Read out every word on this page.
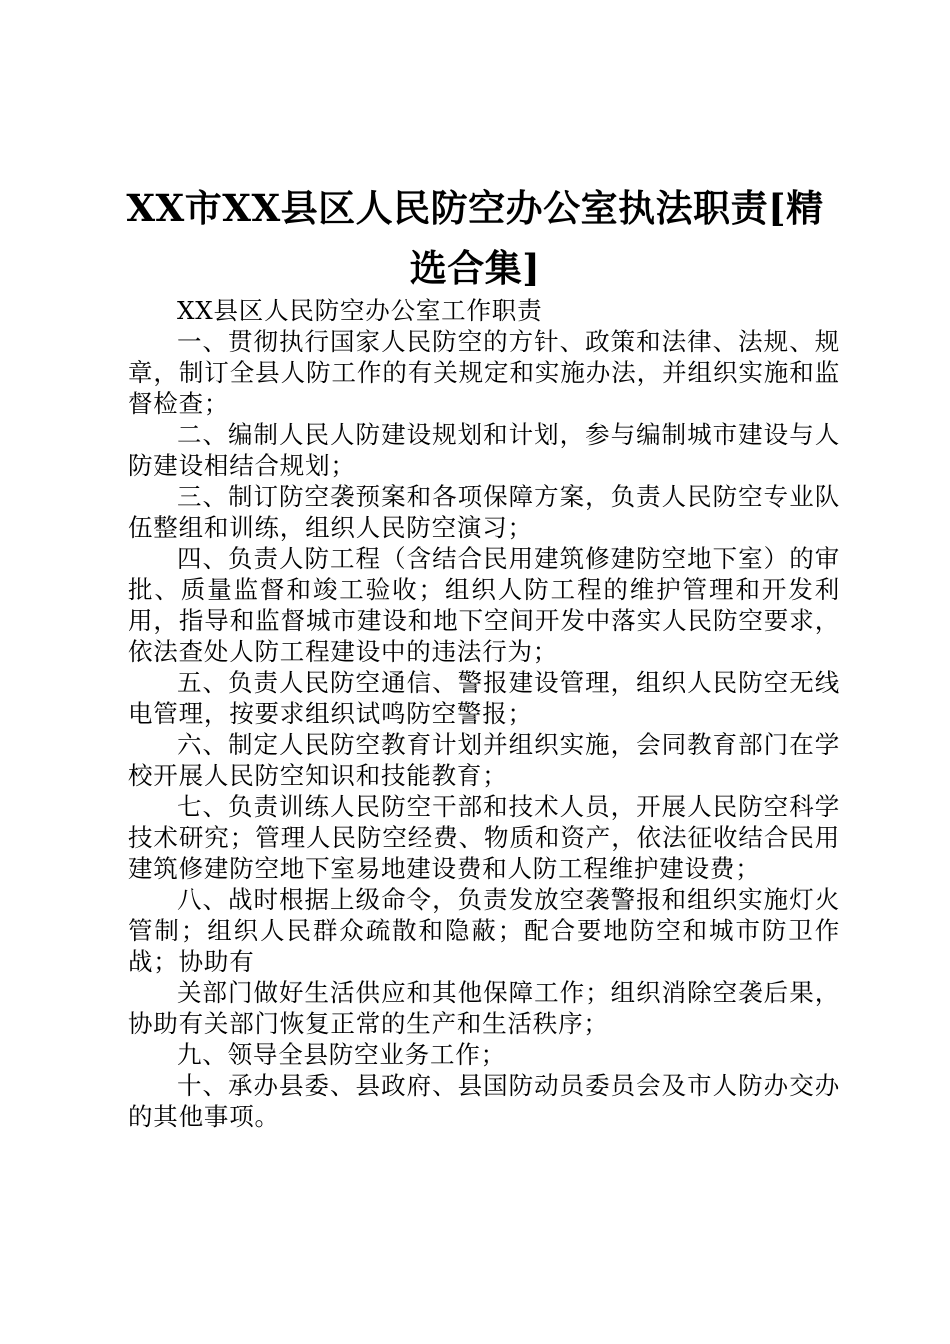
XX市XX县区人民防空办公室执法职责[精选合集]

XX县区人民防空办公室工作职责

一、贯彻执行国家人民防空的方针、政策和法律、法规、规章，制订全县人防工作的有关规定和实施办法，并组织实施和监督检查；

二、编制人民人防建设规划和计划，参与编制城市建设与人防建设相结合规划；

三、制订防空袭预案和各项保障方案，负责人民防空专业队伍整组和训练，组织人民防空演习；

四、负责人防工程（含结合民用建筑修建防空地下室）的审批、质量监督和竣工验收；组织人防工程的维护管理和开发利用，指导和监督城市建设和地下空间开发中落实人民防空要求，依法查处人防工程建设中的违法行为；

五、负责人民防空通信、警报建设管理，组织人民防空无线电管理，按要求组织试鸣防空警报；

六、制定人民防空教育计划并组织实施，会同教育部门在学校开展人民防空知识和技能教育；

七、负责训练人民防空干部和技术人员，开展人民防空科学技术研究；管理人民防空经费、物质和资产，依法征收结合民用建筑修建防空地下室易地建设费和人防工程维护建设费；

八、战时根据上级命令，负责发放空袭警报和组织实施灯火管制；组织人民群众疏散和隐蔽；配合要地防空和城市防卫作战；协助有

关部门做好生活供应和其他保障工作；组织消除空袭后果，协助有关部门恢复正常的生产和生活秩序；

九、领导全县防空业务工作；

十、承办县委、县政府、县国防动员委员会及市人防办交办的其他事项。
